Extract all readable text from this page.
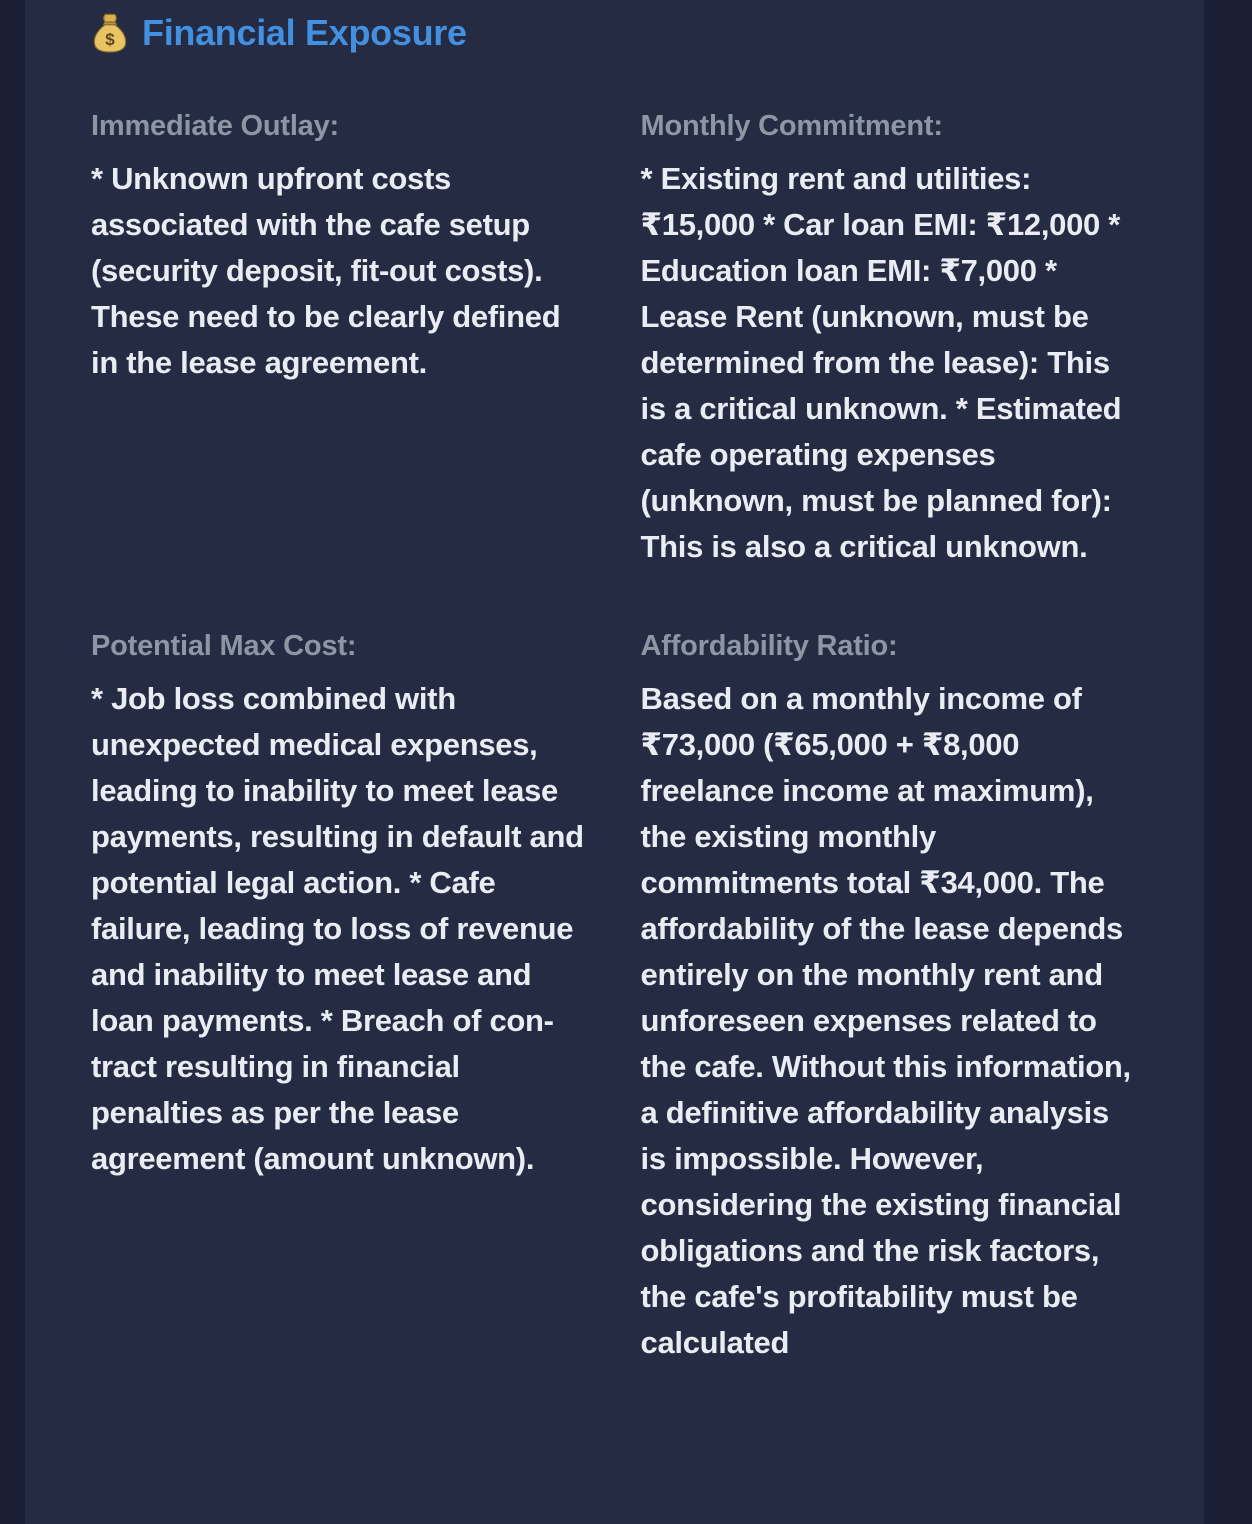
$ Financial Exposure
Immediate Outlay:

* Unknown upfront costs associated with the cafe setup (security deposit, fit-out costs). These need to be clearly defined in the lease agreement.

Monthly Commitment:

* Existing rent and utilities: ₹15,000 * Car loan EMI: ₹12,000 * Education loan EMI: ₹7,000 * Lease Rent (unknown, must be determined from the lease): This is a critical unknown. * Estimated cafe operating expenses (unknown, must be planned for): This is also a critical unknown.

Potential Max Cost:

* Job loss combined with unexpected medical expenses, leading to inability to meet lease payments, resulting in default and potential legal action. * Cafe failure, leading to loss of revenue and inability to meet lease and loan payments. * Breach of contract resulting in financial penalties as per the lease agreement (amount unknown).

Affordability Ratio:

Based on a monthly income of ₹73,000 (₹65,000 + ₹8,000 freelance income at maximum), the existing monthly commitments total ₹34,000. The affordability of the lease depends entirely on the monthly rent and unforeseen expenses related to the cafe. Without this information, a definitive affordability analysis is impossible. However, considering the existing financial obligations and the risk factors, the cafe's profitability must be calculated
